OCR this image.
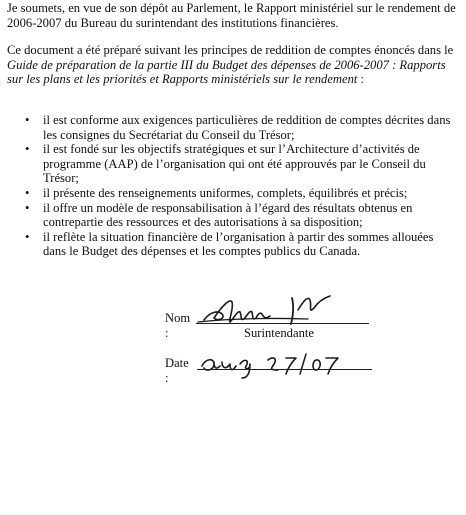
Je soumets, en vue de son dépôt au Parlement, le Rapport ministériel sur le rendement de 2006-2007 du Bureau du surintendant des institutions financières.

Ce document a été préparé suivant les principes de reddition de comptes énoncés dans le Guide de préparation de la partie III du Budget des dépenses de 2006-2007 : Rapports sur les plans et les priorités et Rapports ministériels sur le rendement :

• il est conforme aux exigences particulières de reddition de comptes décrites dans les consignes du Secrétariat du Conseil du Trésor;
• il est fondé sur les objectifs stratégiques et sur l’Architecture d’activités de programme (AAP) de l’organisation qui ont été approuvés par le Conseil du Trésor;
• il présente des renseignements uniformes, complets, équilibrés et précis;
• il offre un modèle de responsabilisation à l’égard des résultats obtenus en contrepartie des ressources et des autorisations à sa disposition;
• il reflète la situation financière de l’organisation à partir des sommes allouées dans le Budget des dépenses et les comptes publics du Canada.
Nom :	Surintendante
Date :
